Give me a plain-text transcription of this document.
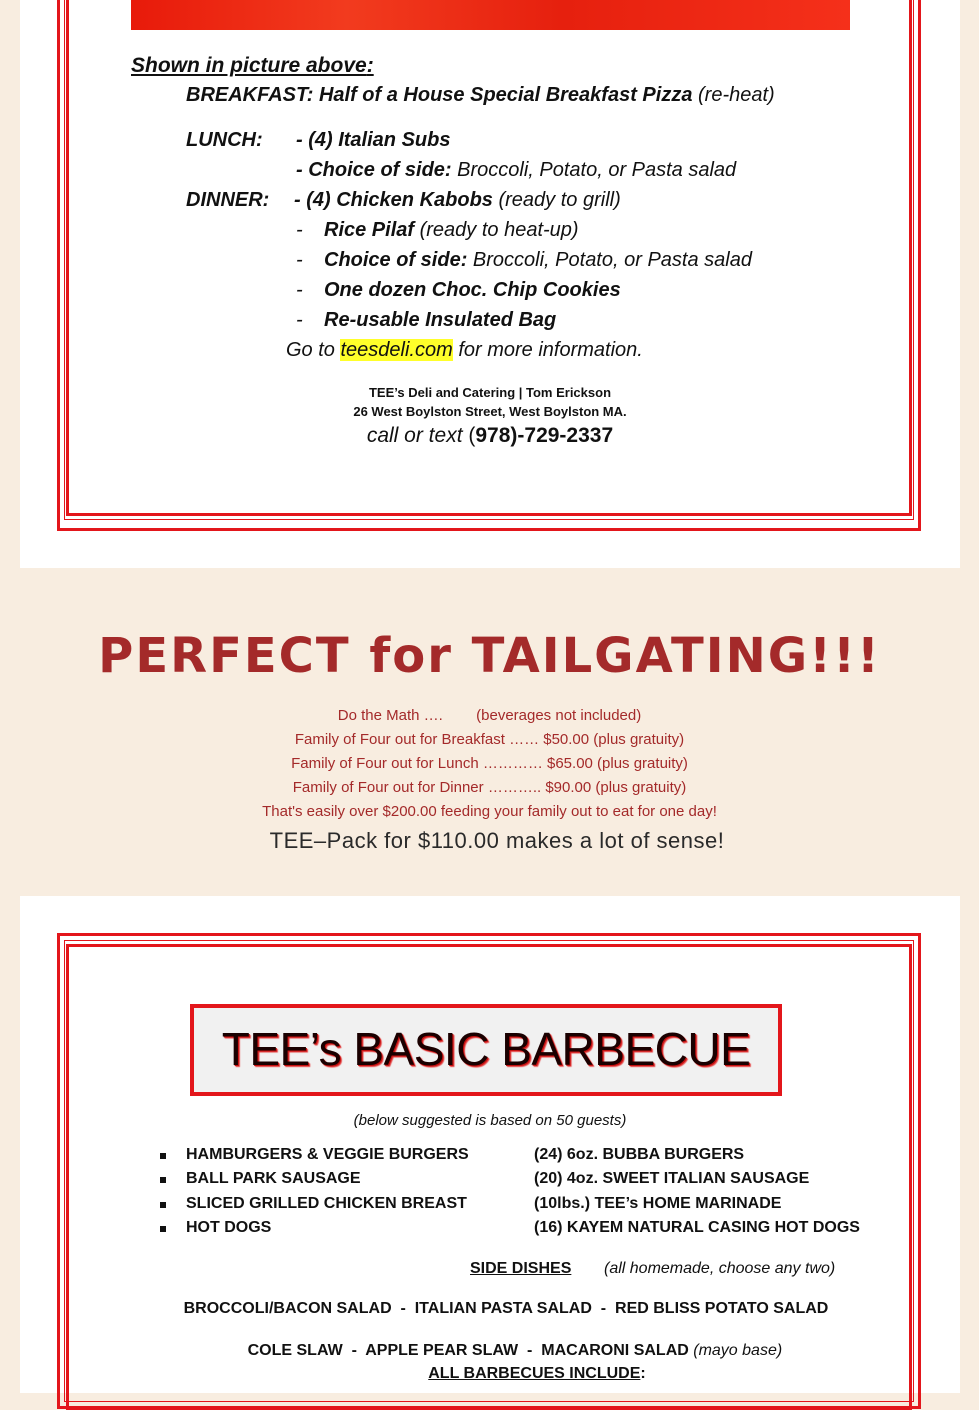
Shown in picture above:
BREAKFAST: Half of a House Special Breakfast Pizza (re-heat)
LUNCH: - (4) Italian Subs
- Choice of side: Broccoli, Potato, or Pasta salad
DINNER: - (4) Chicken Kabobs (ready to grill)
- Rice Pilaf (ready to heat-up)
- Choice of side: Broccoli, Potato, or Pasta salad
- One dozen Choc. Chip Cookies
- Re-usable Insulated Bag
Go to teesdeli.com for more information.
TEE’s Deli and Catering | Tom Erickson
26 West Boylston Street, West Boylston MA.
call or text (978)-729-2337
PERFECT for TAILGATING!!!
Do the Math ….        (beverages not included)
Family of Four out for Breakfast …… $50.00 (plus gratuity)
Family of Four out for Lunch ………… $65.00 (plus gratuity)
Family of Four out for Dinner ……….. $90.00 (plus gratuity)
That's easily over $200.00 feeding your family out to eat for one day!
TEE–Pack for $110.00 makes a lot of sense!
TEE’s BASIC BARBECUE
(below suggested is based on 50 guests)
HAMBURGERS & VEGGIE BURGERS	(24) 6oz. BUBBA BURGERS
BALL PARK SAUSAGE	(20) 4oz. SWEET ITALIAN SAUSAGE
SLICED GRILLED CHICKEN BREAST	(10lbs.) TEE’s HOME MARINADE
HOT DOGS	(16) KAYEM NATURAL CASING HOT DOGS
SIDE DISHES (all homemade, choose any two)
BROCCOLI/BACON SALAD  -  ITALIAN PASTA SALAD  -  RED BLISS POTATO SALAD

COLE SLAW  -  APPLE PEAR SLAW  -  MACARONI SALAD (mayo base)

ALL BARBECUES INCLUDE:
